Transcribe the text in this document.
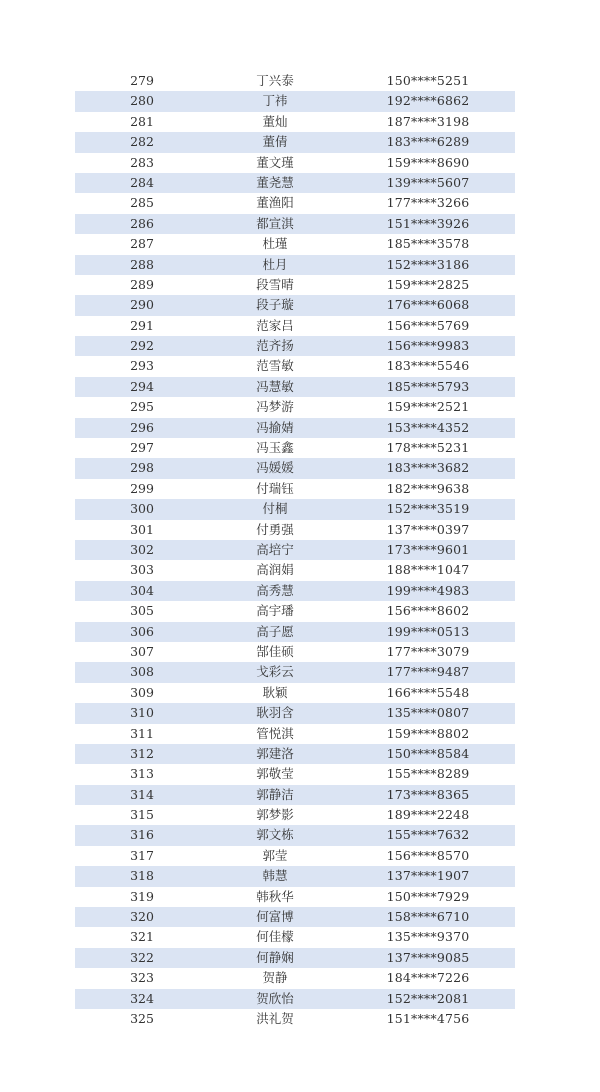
279	丁兴泰	150****5251
280	丁祎	192****6862
281	董灿	187****3198
282	董倩	183****6289
283	董文瑾	159****8690
284	董尧慧	139****5607
285	董渔阳	177****3266
286	都宣淇	151****3926
287	杜瑾	185****3578
288	杜月	152****3186
289	段雪晴	159****2825
290	段子璇	176****6068
291	范家吕	156****5769
292	范齐扬	156****9983
293	范雪敏	183****5546
294	冯慧敏	185****5793
295	冯梦游	159****2521
296	冯揄婧	153****4352
297	冯玉鑫	178****5231
298	冯媛媛	183****3682
299	付瑞钰	182****9638
300	付桐	152****3519
301	付勇强	137****0397
302	高培宁	173****9601
303	高润娟	188****1047
304	高秀慧	199****4983
305	高宇璠	156****8602
306	高子愿	199****0513
307	郜佳硕	177****3079
308	戈彩云	177****9487
309	耿颖	166****5548
310	耿羽含	135****0807
311	管悦淇	159****8802
312	郭建洛	150****8584
313	郭敬莹	155****8289
314	郭静洁	173****8365
315	郭梦影	189****2248
316	郭文栋	155****7632
317	郭莹	156****8570
318	韩慧	137****1907
319	韩秋华	150****7929
320	何富博	158****6710
321	何佳檬	135****9370
322	何静娴	137****9085
323	贺静	184****7226
324	贺欣怡	152****2081
325	洪礼贺	151****4756
